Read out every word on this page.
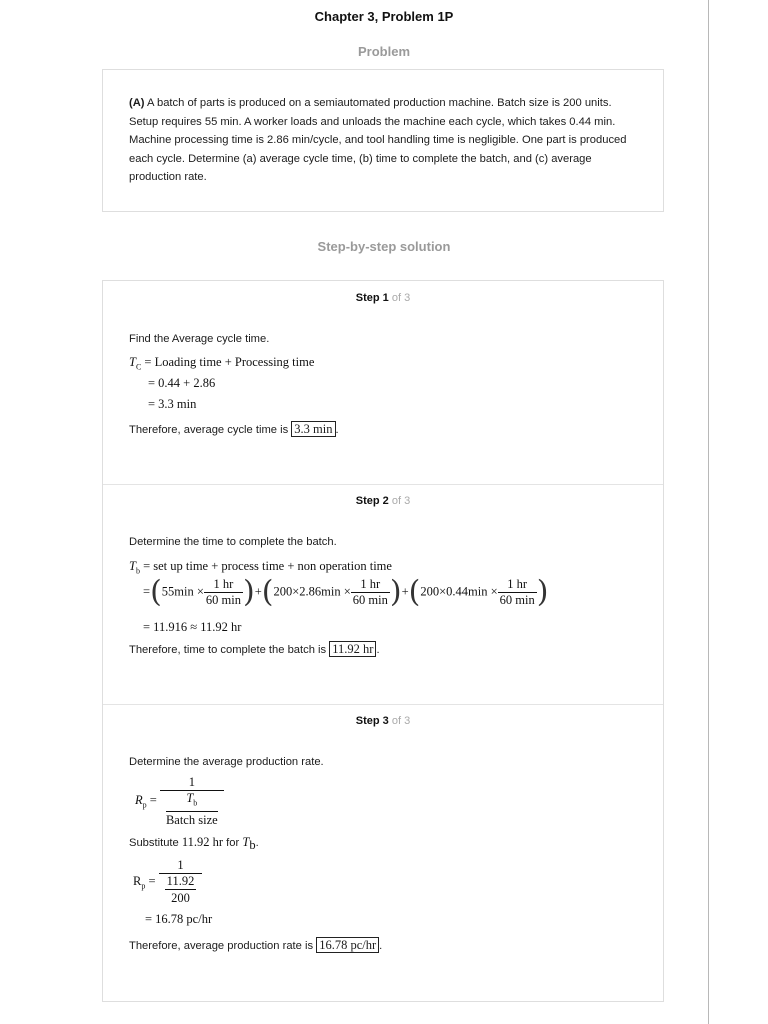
Chapter 3, Problem 1P
Problem

(A) A batch of parts is produced on a semiautomated production machine. Batch size is 200 units. Setup requires 55 min. A worker loads and unloads the machine each cycle, which takes 0.44 min. Machine processing time is 2.86 min/cycle, and tool handling time is negligible. One part is produced each cycle. Determine (a) average cycle time, (b) time to complete the batch, and (c) average production rate.

Step-by-step solution
Step 1 of 3
Find the Average cycle time.
$T_C$ = Loading time + Processing time
= 0.44 + 2.86
= 3.3 min
Therefore, average cycle time is 3.3 min .
Step 2 of 3
Determine the time to complete the batch.
$T_b$ = set up time + process time + non operation time
$=(55\min \times \frac{1 hr}{60 \min} )+(200\times 2.86\min \times \frac{1 hr}{60 \min} )+(200\times 0.44\min \times \frac{1 hr}{60 \min}$ )
= 11.916 ≈ 11.92 hr
Therefore, time to complete the batch is 11.92 hr .
Step 3 of 3
Determine the average production rate.
$R_p = 1$
$T_b$
Batch size
Substitute 11.92 hr for $T_b$.
$R_p = 1$
11.92
200
= 16.78 pc/hr
Therefore, average production rate is 16.78 pc/hr .
